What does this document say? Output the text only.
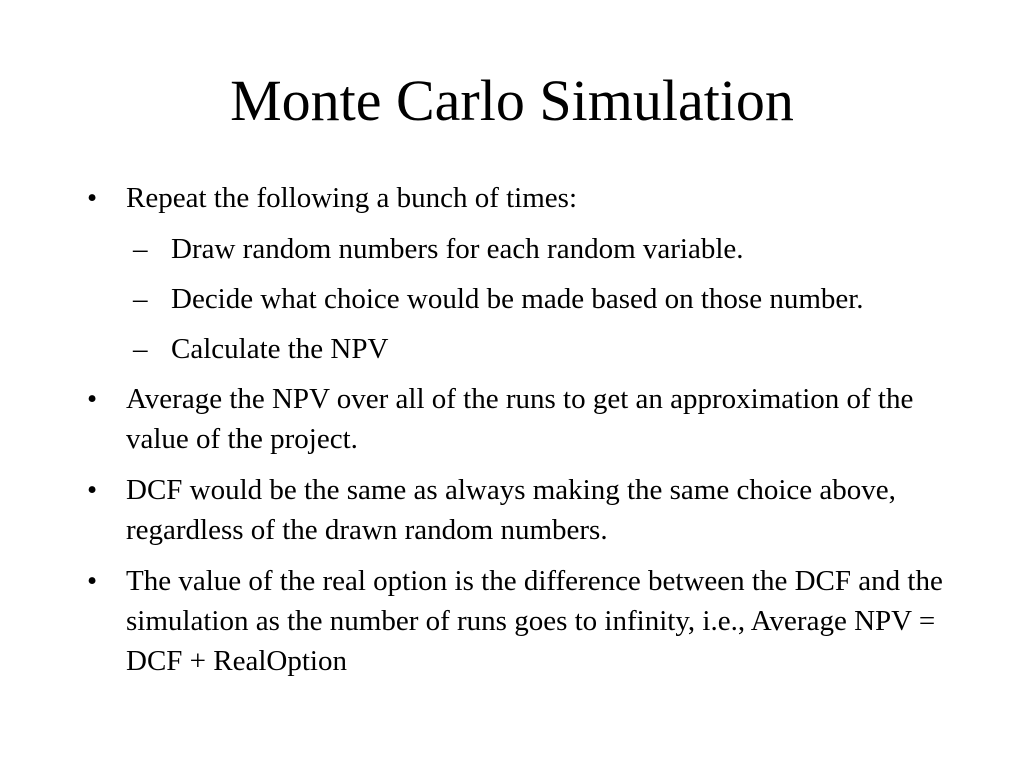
Monte Carlo Simulation
• Repeat the following a bunch of times:
– Draw random numbers for each random variable.
– Decide what choice would be made based on those number.
– Calculate the NPV
• Average the NPV over all of the runs to get an approximation of the value of the project.
• DCF would be the same as always making the same choice above, regardless of the drawn random numbers.
• The value of the real option is the difference between the DCF and the simulation as the number of runs goes to infinity, i.e., Average NPV = DCF + RealOption
